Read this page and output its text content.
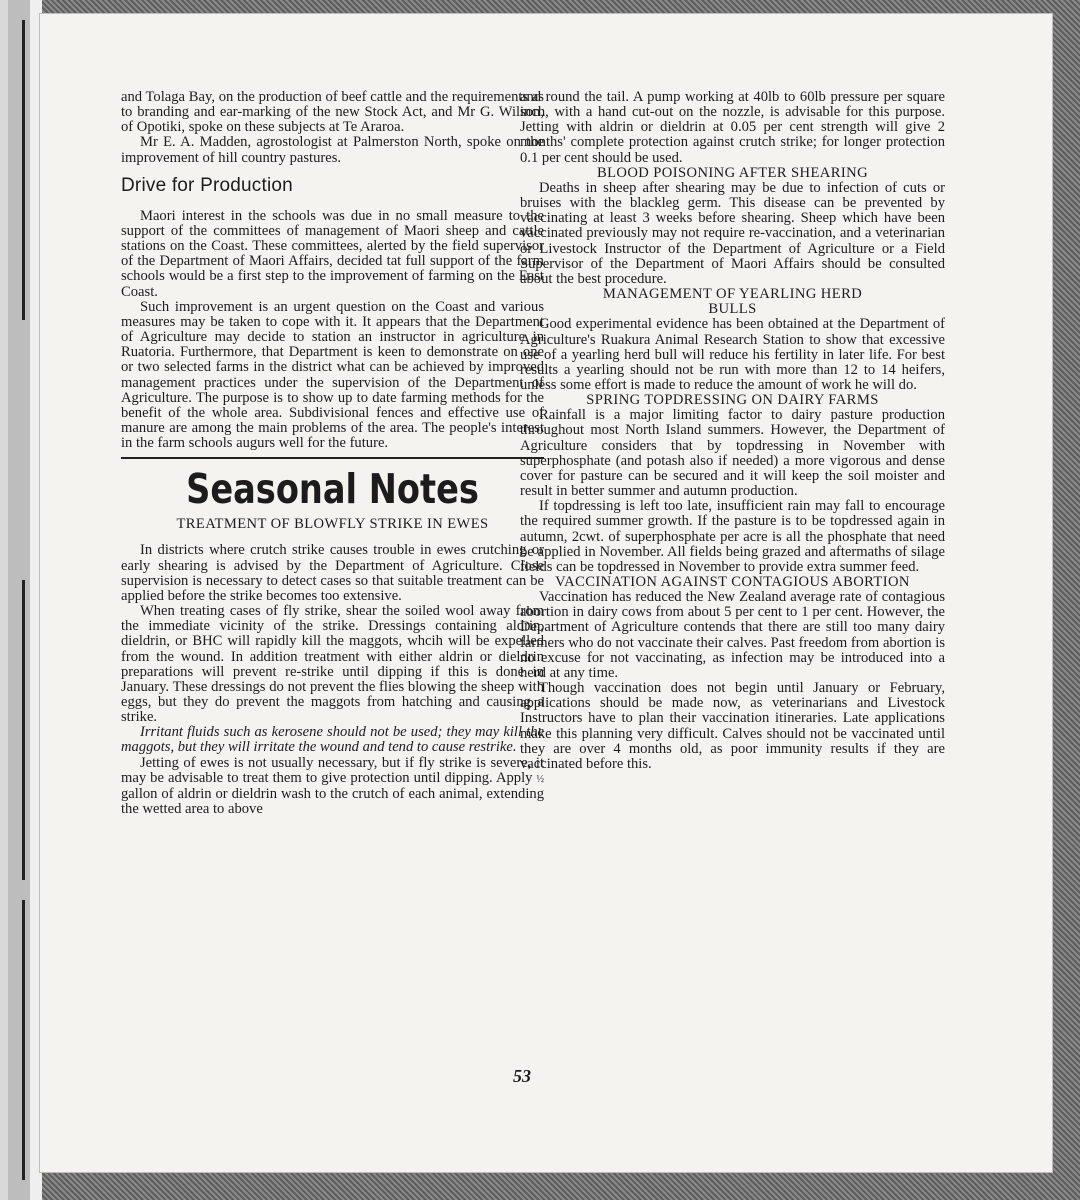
and Tolaga Bay, on the production of beef cattle and the requirements as to branding and ear-marking of the new Stock Act, and Mr G. Wilson, of Opotiki, spoke on these subjects at Te Araroa.

Mr E. A. Madden, agrostologist at Palmerston North, spoke on the improvement of hill country pastures.

Drive for Production

Maori interest in the schools was due in no small measure to the support of the committees of management of Maori sheep and cattle stations on the Coast. These committees, alerted by the field supervisor of the Department of Maori Affairs, decided tat full support of the farm schools would be a first step to the improvement of farming on the East Coast.

Such improvement is an urgent question on the Coast and various measures may be taken to cope with it. It appears that the Department of Agriculture may decide to station an instructor in agriculture in Ruatoria. Furthermore, that Department is keen to demonstrate on one or two selected farms in the district what can be achieved by improved management practices under the supervision of the Department of Agriculture. The purpose is to show up to date farming methods for the benefit of the whole area. Subdivisional fences and effective use of manure are among the main problems of the area. The people's interest in the farm schools augurs well for the future.

Seasonal Notes
TREATMENT OF BLOWFLY STRIKE IN EWES

In districts where crutch strike causes trouble in ewes crutching or early shearing is advised by the Department of Agriculture. Close supervision is necessary to detect cases so that suitable treatment can be applied before the strike becomes too extensive.

When treating cases of fly strike, shear the soiled wool away from the immediate vicinity of the strike. Dressings containing aldrin, dieldrin, or BHC will rapidly kill the maggots, whcih will be expelled from the wound. In addition treatment with either aldrin or dieldrin preparations will prevent re-strike until dipping if this is done in January. These dressings do not prevent the flies blowing the sheep with eggs, but they do prevent the maggots from hatching and causing a strike.

Irritant fluids such as kerosene should not be used; they may kill the maggots, but they will irritate the wound and tend to cause restrike.

Jetting of ewes is not usually necessary, but if fly strike is severe, it may be advisable to treat them to give protection until dipping. Apply ½ gallon of aldrin or dieldrin wash to the crutch of each animal, extending the wetted area to above

and round the tail. A pump working at 40lb to 60lb pressure per square inch, with a hand cut-out on the nozzle, is advisable for this purpose. Jetting with aldrin or dieldrin at 0.05 per cent strength will give 2 months' complete protection against crutch strike; for longer protection 0.1 per cent should be used.

BLOOD POISONING AFTER SHEARING

Deaths in sheep after shearing may be due to infection of cuts or bruises with the blackleg germ. This disease can be prevented by vaccinating at least 3 weeks before shearing. Sheep which have been vaccinated previously may not require re-vaccination, and a veterinarian or Livestock Instructor of the Department of Agriculture or a Field Supervisor of the Department of Maori Affairs should be consulted about the best procedure.

MANAGEMENT OF YEARLING HERD BULLS

Good experimental evidence has been obtained at the Department of Agriculture's Ruakura Animal Research Station to show that excessive use of a yearling herd bull will reduce his fertility in later life. For best results a yearling should not be run with more than 12 to 14 heifers, unless some effort is made to reduce the amount of work he will do.

SPRING TOPDRESSING ON DAIRY FARMS

Rainfall is a major limiting factor to dairy pasture production throughout most North Island summers. However, the Department of Agriculture considers that by topdressing in November with superphosphate (and potash also if needed) a more vigorous and dense cover for pasture can be secured and it will keep the soil moister and result in better summer and autumn production.

If topdressing is left too late, insufficient rain may fall to encourage the required summer growth. If the pasture is to be topdressed again in autumn, 2cwt. of superphosphate per acre is all the phosphate that need be applied in November. All fields being grazed and aftermaths of silage fields can be topdressed in November to provide extra summer feed.

VACCINATION AGAINST CONTAGIOUS ABORTION

Vaccination has reduced the New Zealand average rate of contagious abortion in dairy cows from about 5 per cent to 1 per cent. However, the Department of Agriculture contends that there are still too many dairy farmers who do not vaccinate their calves. Past freedom from abortion is no excuse for not vaccinating, as infection may be introduced into a herd at any time.

Though vaccination does not begin until January or February, applications should be made now, as veterinarians and Livestock Instructors have to plan their vaccination itineraries. Late applications make this planning very difficult. Calves should not be vaccinated until they are over 4 months old, as poor immunity results if they are vaccinated before this.

53
